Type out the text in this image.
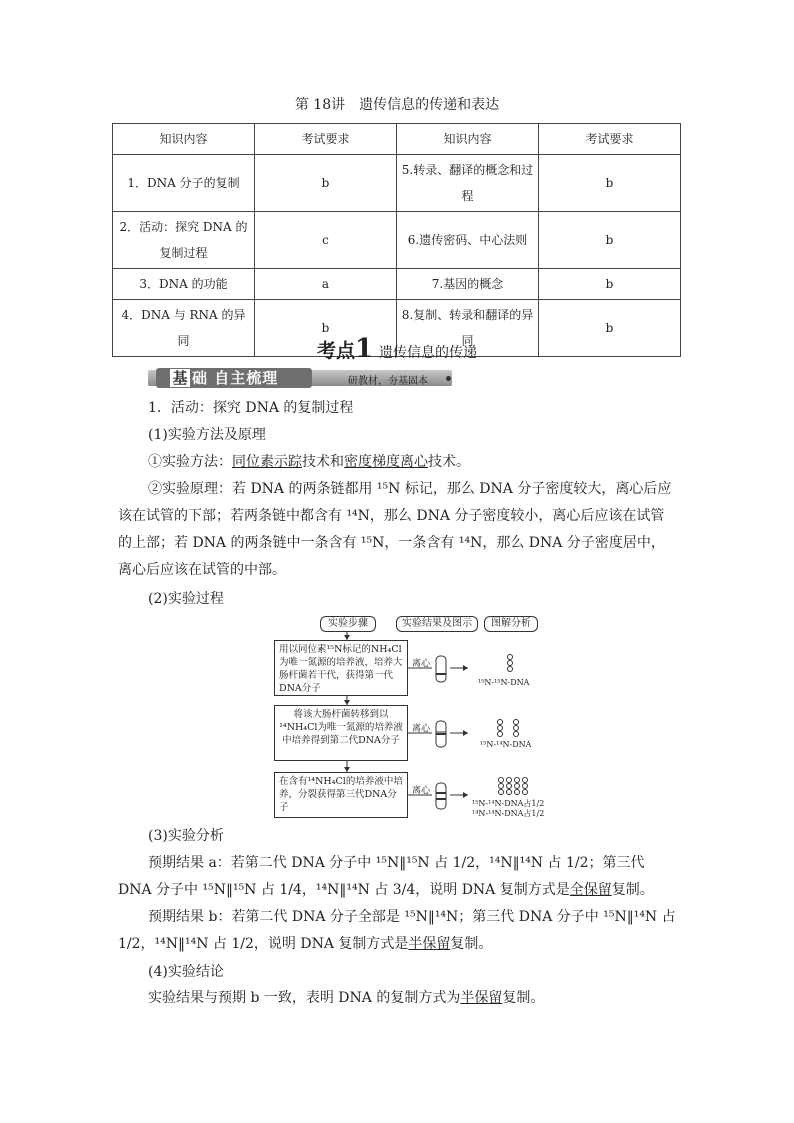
第 18讲　遗传信息的传递和表达
知识内容	考试要求	知识内容	考试要求
1．DNA 分子的复制	b	5.转录、翻译的概念和过程	b
2．活动：探究 DNA 的复制过程	c	6.遗传密码、中心法则	b
3．DNA 的功能	a	7.基因的概念	b
4．DNA 与 RNA 的异同	b	8.复制、转录和翻译的异同	b
考点1 遗传信息的传递
基 础 自主梳理	研教材，夯基固本
1．活动：探究 DNA 的复制过程
(1)实验方法及原理
①实验方法：同位素示踪技术和密度梯度离心技术。
②实验原理：若 DNA 的两条链都用 ¹⁵N 标记，那么 DNA 分子密度较大，离心后应该在试管的下部；若两条链中都含有 ¹⁴N，那么 DNA 分子密度较小，离心后应该在试管的上部；若 DNA 的两条链中一条含有 ¹⁵N，一条含有 ¹⁴N，那么 DNA 分子密度居中，离心后应该在试管的中部。
(2)实验过程
实验步骤	实验结果及图示	图解分析
用以同位素¹⁵N标记的NH₄Cl为唯一氮源的培养液，培养大肠杆菌若干代，获得第一代DNA分子
将该大肠杆菌转移到以¹⁴NH₄Cl为唯一氮源的培养液中培养得到第二代DNA分子
在含有¹⁴NH₄Cl的培养液中培养，分裂获得第三代DNA分子
离心
离心
离心
¹⁵N-¹⁵N-DNA
¹⁵N-¹⁴N-DNA
¹⁵N-¹⁴N-DNA占1/2
¹⁴N-¹⁴N-DNA占1/2
(3)实验分析
预期结果 a：若第二代 DNA 分子中 ¹⁵N‖¹⁵N 占 1/2，¹⁴N‖¹⁴N 占 1/2；第三代 DNA 分子中 ¹⁵N‖¹⁵N 占 1/4，¹⁴N‖¹⁴N 占 3/4，说明 DNA 复制方式是全保留复制。
预期结果 b：若第二代 DNA 分子全部是 ¹⁵N‖¹⁴N；第三代 DNA 分子中 ¹⁵N‖¹⁴N 占 1/2，¹⁴N‖¹⁴N 占 1/2，说明 DNA 复制方式是半保留复制。
(4)实验结论
实验结果与预期 b 一致，表明 DNA 的复制方式为半保留复制。
